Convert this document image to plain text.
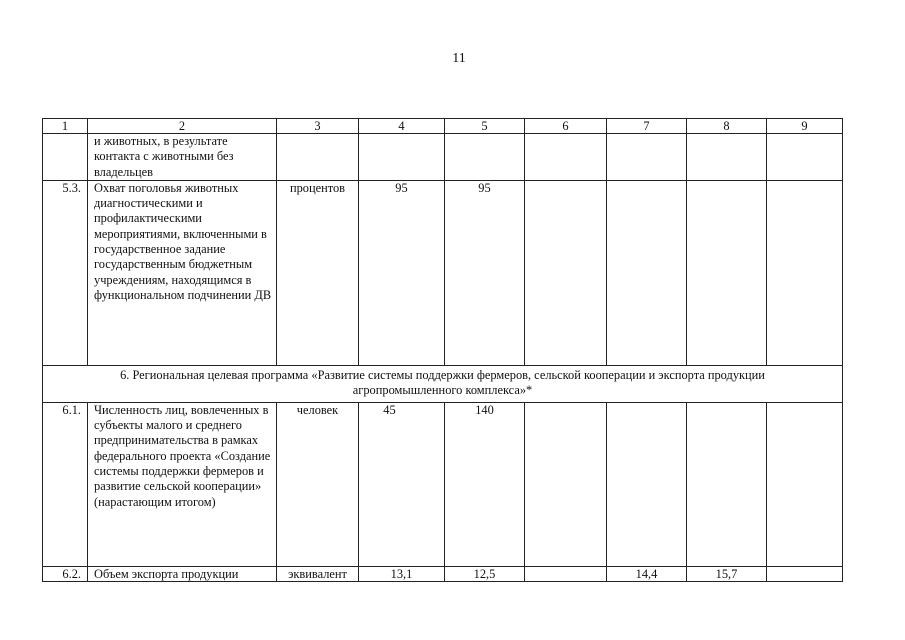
11
1	2	3	4	5	6	7	8	9
	и животных, в результате контакта с животными без владельцев							
5.3.	Охват поголовья животных диагностическими и профилактическими мероприятиями, включенными в государственное задание государственным бюджетным учреждениям, находящимся в функциональном подчинении ДВ	процентов	95	95				
6. Региональная целевая программа «Развитие системы поддержки фермеров, сельской кооперации и экспорта продукции агропромышленного комплекса»*								
6.1.	Численность лиц, вовлеченных в субъекты малого и среднего предпринимательства в рамках федерального проекта «Создание системы поддержки фермеров и развитие сельской кооперации» (нарастающим итогом)	человек	45	140				
6.2.	Объем экспорта продукции	эквивалент	13,1	12,5		14,4	15,7	
